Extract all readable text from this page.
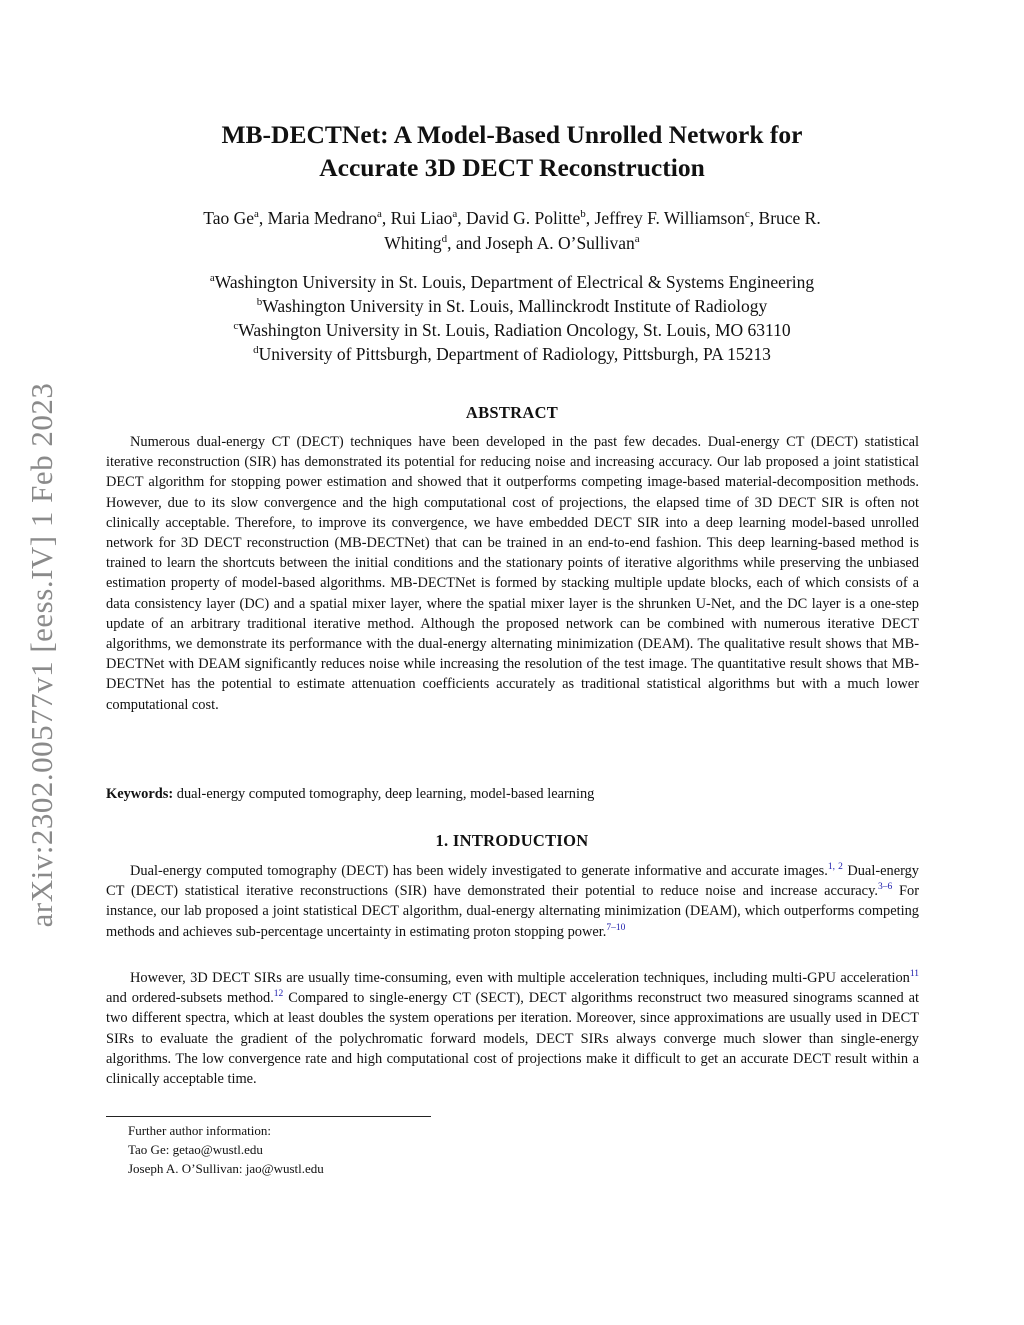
arXiv:2302.00577v1 [eess.IV] 1 Feb 2023
MB-DECTNet: A Model-Based Unrolled Network for
Accurate 3D DECT Reconstruction
Tao Ge$^a$, Maria Medrano$^a$, Rui Liao$^a$, David G. Politte$^b$, Jeffrey F. Williamson$^c$, Bruce R.
Whiting$^d$, and Joseph A. O’Sullivan$^a$
$^a$Washington University in St. Louis, Department of Electrical & Systems Engineering
$^b$Washington University in St. Louis, Mallinckrodt Institute of Radiology
$^c$Washington University in St. Louis, Radiation Oncology, St. Louis, MO 63110
$^d$University of Pittsburgh, Department of Radiology, Pittsburgh, PA 15213
ABSTRACT
Numerous dual-energy CT (DECT) techniques have been developed in the past few decades. Dual-energy CT (DECT) statistical iterative reconstruction (SIR) has demonstrated its potential for reducing noise and increasing accuracy. Our lab proposed a joint statistical DECT algorithm for stopping power estimation and showed that it outperforms competing image-based material-decomposition methods. However, due to its slow convergence and the high computational cost of projections, the elapsed time of 3D DECT SIR is often not clinically acceptable. Therefore, to improve its convergence, we have embedded DECT SIR into a deep learning model-based unrolled network for 3D DECT reconstruction (MB-DECTNet) that can be trained in an end-to-end fashion. This deep learning-based method is trained to learn the shortcuts between the initial conditions and the stationary points of iterative algorithms while preserving the unbiased estimation property of model-based algorithms. MB-DECTNet is formed by stacking multiple update blocks, each of which consists of a data consistency layer (DC) and a spatial mixer layer, where the spatial mixer layer is the shrunken U-Net, and the DC layer is a one-step update of an arbitrary traditional iterative method. Although the proposed network can be combined with numerous iterative DECT algorithms, we demonstrate its performance with the dual-energy alternating minimization (DEAM). The qualitative result shows that MB-DECTNet with DEAM significantly reduces noise while increasing the resolution of the test image. The quantitative result shows that MB-DECTNet has the potential to estimate attenuation coefficients accurately as traditional statistical algorithms but with a much lower computational cost.
Keywords: dual-energy computed tomography, deep learning, model-based learning
1. INTRODUCTION
Dual-energy computed tomography (DECT) has been widely investigated to generate informative and accurate images.$^{1, 2}$ Dual-energy CT (DECT) statistical iterative reconstructions (SIR) have demonstrated their potential to reduce noise and increase accuracy.$^{3-6}$ For instance, our lab proposed a joint statistical DECT algorithm, dual-energy alternating minimization (DEAM), which outperforms competing methods and achieves sub-percentage uncertainty in estimating proton stopping power.$^{7-10}$
However, 3D DECT SIRs are usually time-consuming, even with multiple acceleration techniques, including multi-GPU acceleration$^{11}$ and ordered-subsets method.$^{12}$ Compared to single-energy CT (SECT), DECT algorithms reconstruct two measured sinograms scanned at two different spectra, which at least doubles the system operations per iteration. Moreover, since approximations are usually used in DECT SIRs to evaluate the gradient of the polychromatic forward models, DECT SIRs always converge much slower than single-energy algorithms. The low convergence rate and high computational cost of projections make it difficult to get an accurate DECT result within a clinically acceptable time.
Further author information:
Tao Ge: getao@wustl.edu
Joseph A. O’Sullivan: jao@wustl.edu
